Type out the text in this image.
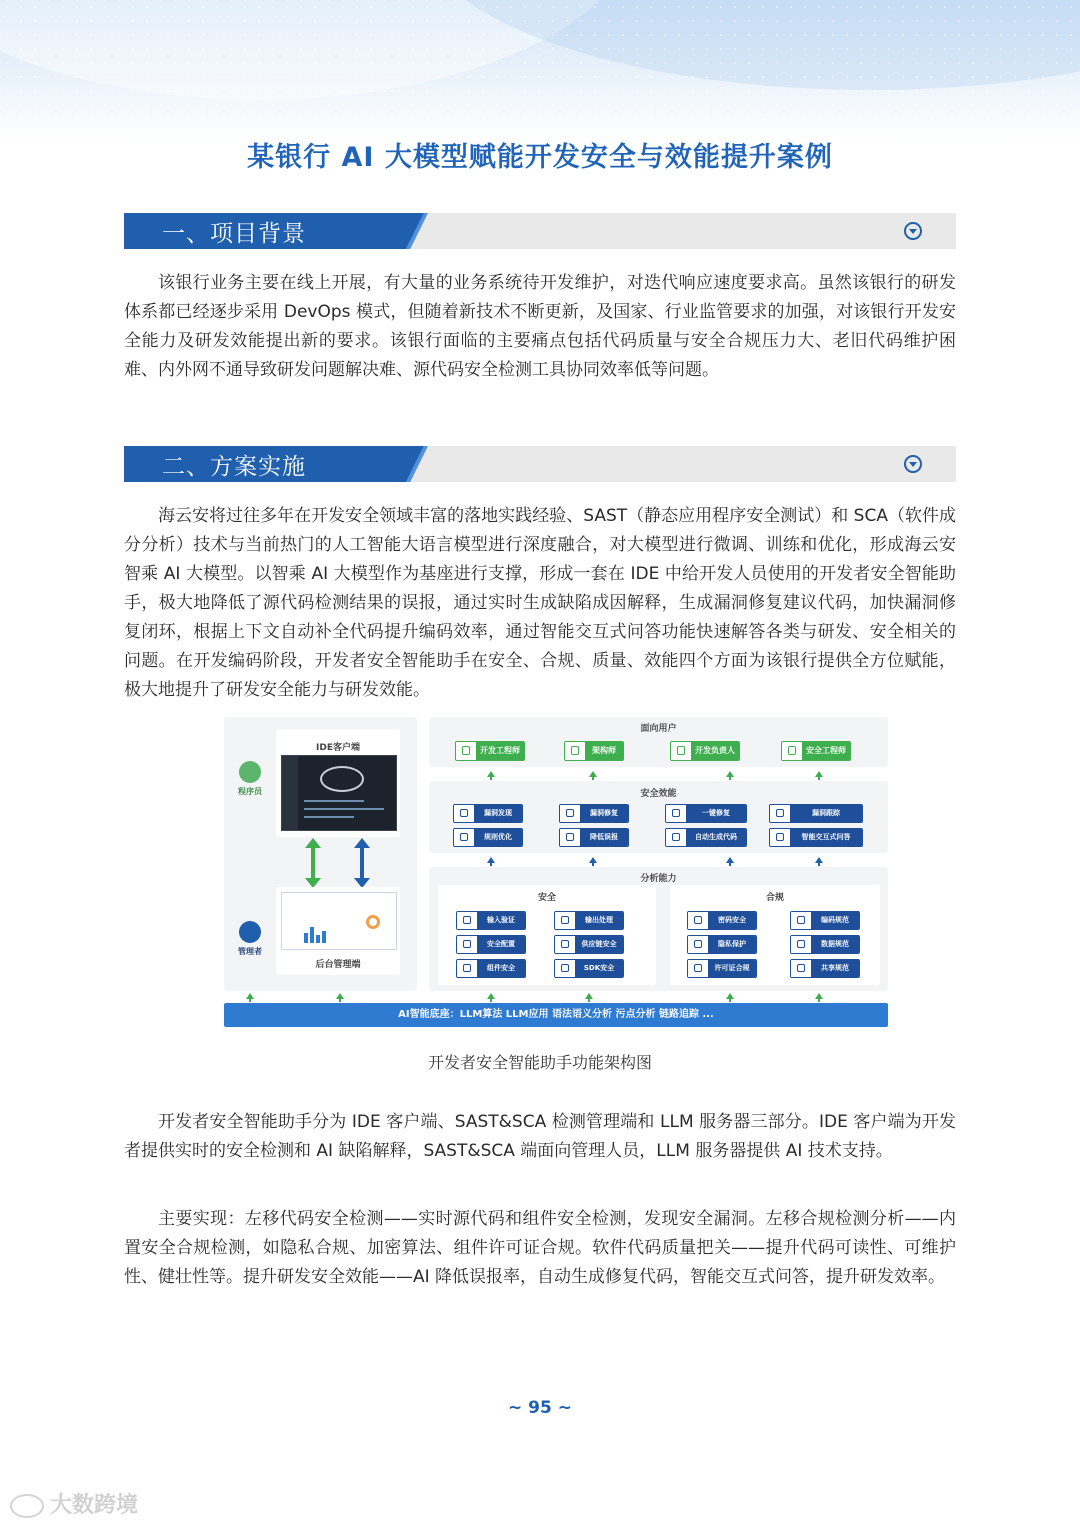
某银行 AI 大模型赋能开发安全与效能提升案例
一、项目背景
该银行业务主要在线上开展，有大量的业务系统待开发维护，对迭代响应速度要求高。虽然该银行的研发体系都已经逐步采用 DevOps 模式，但随着新技术不断更新，及国家、行业监管要求的加强，对该银行开发安全能力及研发效能提出新的要求。该银行面临的主要痛点包括代码质量与安全合规压力大、老旧代码维护困难、内外网不通导致研发问题解决难、源代码安全检测工具协同效率低等问题。
二、方案实施
海云安将过往多年在开发安全领域丰富的落地实践经验、SAST（静态应用程序安全测试）和 SCA（软件成分分析）技术与当前热门的人工智能大语言模型进行深度融合，对大模型进行微调、训练和优化，形成海云安智乘 AI 大模型。以智乘 AI 大模型作为基座进行支撑，形成一套在 IDE 中给开发人员使用的开发者安全智能助手，极大地降低了源代码检测结果的误报，通过实时生成缺陷成因解释，生成漏洞修复建议代码，加快漏洞修复闭环，根据上下文自动补全代码提升编码效率，通过智能交互式问答功能快速解答各类与研发、安全相关的问题。在开发编码阶段，开发者安全智能助手在安全、合规、质量、效能四个方面为该银行提供全方位赋能，极大地提升了研发安全能力与研发效能。
程序员
管理者
IDE客户端
后台管理端
面向用户
开发工程师	架构师	开发负责人	安全工程师
安全效能
漏洞发现	漏洞修复	一键修复	漏洞跟踪
规则优化	降低误报	自动生成代码	智能交互式问答
分析能力
安全
输入验证	输出处理
安全配置	供应链安全
组件安全	SDK安全
合规
密码安全	编码规范
隐私保护	数据规范
许可证合规	共享规范
AI智能底座：LLM算法 LLM应用 语法语义分析 污点分析 链路追踪 ...
开发者安全智能助手功能架构图
开发者安全智能助手分为 IDE 客户端、SAST&SCA 检测管理端和 LLM 服务器三部分。IDE 客户端为开发者提供实时的安全检测和 AI 缺陷解释，SAST&SCA 端面向管理人员，LLM 服务器提供 AI 技术支持。
主要实现：左移代码安全检测——实时源代码和组件安全检测，发现安全漏洞。左移合规检测分析——内置安全合规检测，如隐私合规、加密算法、组件许可证合规。软件代码质量把关——提升代码可读性、可维护性、健壮性等。提升研发安全效能——AI 降低误报率，自动生成修复代码，智能交互式问答，提升研发效率。
~ 95 ~
大数跨境
